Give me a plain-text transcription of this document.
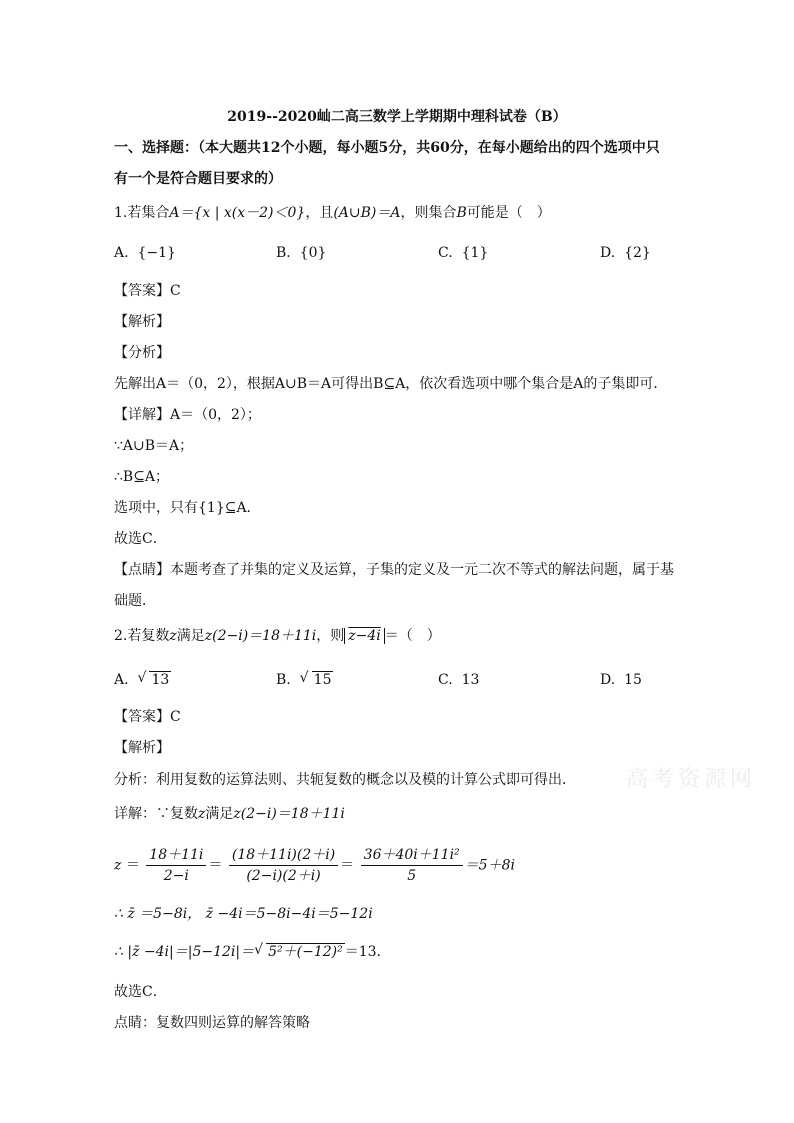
2019--2020屾二高三数学上学期期中理科试卷（B）
一、选择题：（本大题共12个小题，每小题5分，共60分，在每小题给出的四个选项中只
有一个是符合题目要求的）
1.若集合A＝{x | x(x－2)＜0}，且(A∪B)＝A，则集合B可能是（　）
A. {−1}	B. {0}	C. {1}	D. {2}
【答案】C
【解析】
【分析】
先解出A＝（0，2），根据A∪B＝A可得出B⊆A，依次看选项中哪个集合是A的子集即可．
【详解】A＝（0，2）；
∵A∪B＝A；
∴B⊆A；
选项中，只有{1}⊆A．
故选C．
【点睛】本题考查了并集的定义及运算，子集的定义及一元二次不等式的解法问题，属于基
础题．
2.若复数z满足z(2−i)＝18＋11i，则 z−4i ＝（　）
A. √ 13	B. √ 15	C. 13	D. 15
【答案】C
【解析】
分析：利用复数的运算法则、共轭复数的概念以及模的计算公式即可得出．
详解：∵复数z满足z(2−i)＝18＋11i
$z = \frac{18+11i}{2-i} = \frac{(18+11i)(2+i)}{(2-i)(2+i)} = \frac{\text{36＋40i＋11i²}}{5} =5+8i$
∴ z̄ ＝5−8i， z̄ −4i＝5−8i−4i＝5−12i
∴ |z̄ −4i|＝|5−12i|＝ √ 5²＋(−12)² ＝13．
故选C．
点睛：复数四则运算的解答策略
高考资源网
